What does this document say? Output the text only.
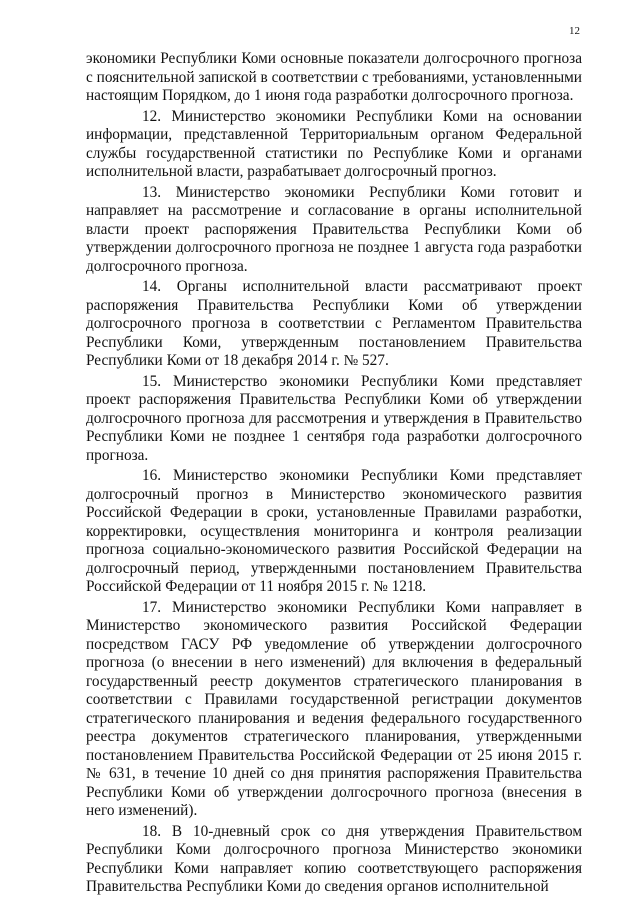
12

экономики Республики Коми основные показатели долгосрочного прогноза с пояснительной запиской в соответствии с требованиями, установленными настоящим Порядком, до 1 июня года разработки долгосрочного прогноза.

12. Министерство экономики Республики Коми на основании информации, представленной Территориальным органом Федеральной службы государственной статистики по Республике Коми и органами исполнительной власти, разрабатывает долгосрочный прогноз.

13. Министерство экономики Республики Коми готовит и направляет на рассмотрение и согласование в органы исполнительной власти проект распоряжения Правительства Республики Коми об утверждении долгосрочного прогноза не позднее 1 августа года разработки долгосрочного прогноза.

14. Органы исполнительной власти рассматривают проект распоряжения Правительства Республики Коми об утверждении долгосрочного прогноза в соответствии с Регламентом Правительства Республики Коми, утвержденным постановлением Правительства Республики Коми от 18 декабря 2014 г. № 527.

15. Министерство экономики Республики Коми представляет проект распоряжения Правительства Республики Коми об утверждении долгосрочного прогноза для рассмотрения и утверждения в Правительство Республики Коми не позднее 1 сентября года разработки долгосрочного прогноза.

16. Министерство экономики Республики Коми представляет долгосрочный прогноз в Министерство экономического развития Российской Федерации в сроки, установленные Правилами разработки, корректировки, осуществления мониторинга и контроля реализации прогноза социально-экономического развития Российской Федерации на долгосрочный период, утвержденными постановлением Правительства Российской Федерации от 11 ноября 2015 г. № 1218.

17. Министерство экономики Республики Коми направляет в Министерство экономического развития Российской Федерации посредством ГАСУ РФ уведомление об утверждении долгосрочного прогноза (о внесении в него изменений) для включения в федеральный государственный реестр документов стратегического планирования в соответствии с Правилами государственной регистрации документов стратегического планирования и ведения федерального государственного реестра документов стратегического планирования, утвержденными постановлением Правительства Российской Федерации от 25 июня 2015 г. № 631, в течение 10 дней со дня принятия распоряжения Правительства Республики Коми об утверждении долгосрочного прогноза (внесения в него изменений).

18. В 10-дневный срок со дня утверждения Правительством Республики Коми долгосрочного прогноза Министерство экономики Республики Коми направляет копию соответствующего распоряжения Правительства Республики Коми до сведения органов исполнительной
